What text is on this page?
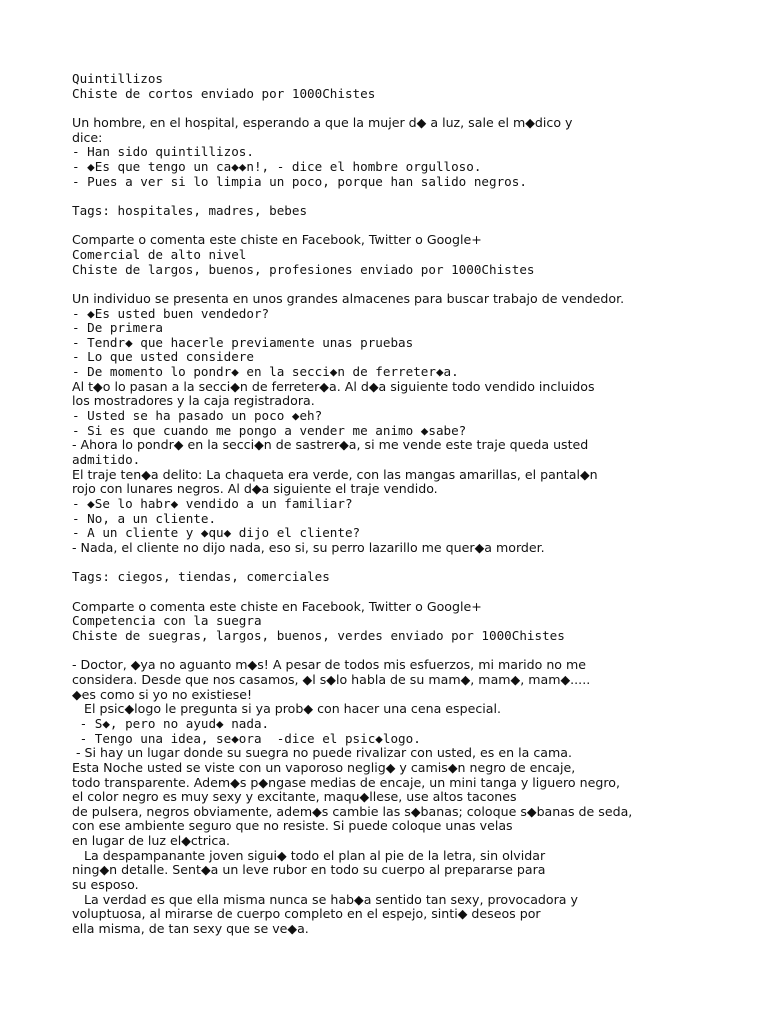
Quintillizos
Chiste de cortos enviado por 1000Chistes
Un hombre, en el hospital, esperando a que la mujer d◆ a luz, sale el m◆dico y
dice:
- Han sido quintillizos.
- ◆Es que tengo un ca◆◆n!, - dice el hombre orgulloso.
- Pues a ver si lo limpia un poco, porque han salido negros.
Tags: hospitales, madres, bebes
Comparte o comenta este chiste en Facebook, Twitter o Google+
Comercial de alto nivel
Chiste de largos, buenos, profesiones enviado por 1000Chistes
Un individuo se presenta en unos grandes almacenes para buscar trabajo de vendedor.
- ◆Es usted buen vendedor?
- De primera
- Tendr◆ que hacerle previamente unas pruebas
- Lo que usted considere
- De momento lo pondr◆ en la secci◆n de ferreter◆a.
Al t◆o lo pasan a la secci◆n de ferreter◆a. Al d◆a siguiente todo vendido incluidos
los mostradores y la caja registradora.
- Usted se ha pasado un poco ◆eh?
- Si es que cuando me pongo a vender me animo ◆sabe?
- Ahora lo pondr◆ en la secci◆n de sastrer◆a, si me vende este traje queda usted
admitido.
El traje ten◆a delito: La chaqueta era verde, con las mangas amarillas, el pantal◆n
rojo con lunares negros. Al d◆a siguiente el traje vendido.
- ◆Se lo habr◆ vendido a un familiar?
- No, a un cliente.
- A un cliente y ◆qu◆ dijo el cliente?
- Nada, el cliente no dijo nada, eso si, su perro lazarillo me quer◆a morder.
Tags: ciegos, tiendas, comerciales
Comparte o comenta este chiste en Facebook, Twitter o Google+
Competencia con la suegra
Chiste de suegras, largos, buenos, verdes enviado por 1000Chistes
- Doctor, ◆ya no aguanto m◆s! A pesar de todos mis esfuerzos, mi marido no me
considera. Desde que nos casamos, ◆l s◆lo habla de su mam◆, mam◆, mam◆.....
◆es como si yo no existiese!
El psic◆logo le pregunta si ya prob◆ con hacer una cena especial.
- S◆, pero no ayud◆ nada.
- Tengo una idea, se◆ora  -dice el psic◆logo.
- Si hay un lugar donde su suegra no puede rivalizar con usted, es en la cama.
Esta Noche usted se viste con un vaporoso neglig◆ y camis◆n negro de encaje,
todo transparente. Adem◆s p◆ngase medias de encaje, un mini tanga y liguero negro,
el color negro es muy sexy y excitante, maqu◆llese, use altos tacones
de pulsera, negros obviamente, adem◆s cambie las s◆banas; coloque s◆banas de seda,
con ese ambiente seguro que no resiste. Si puede coloque unas velas
en lugar de luz el◆ctrica.
La despampanante joven sigui◆ todo el plan al pie de la letra, sin olvidar
ning◆n detalle. Sent◆a un leve rubor en todo su cuerpo al prepararse para
su esposo.
La verdad es que ella misma nunca se hab◆a sentido tan sexy, provocadora y
voluptuosa, al mirarse de cuerpo completo en el espejo, sinti◆ deseos por
ella misma, de tan sexy que se ve◆a.
